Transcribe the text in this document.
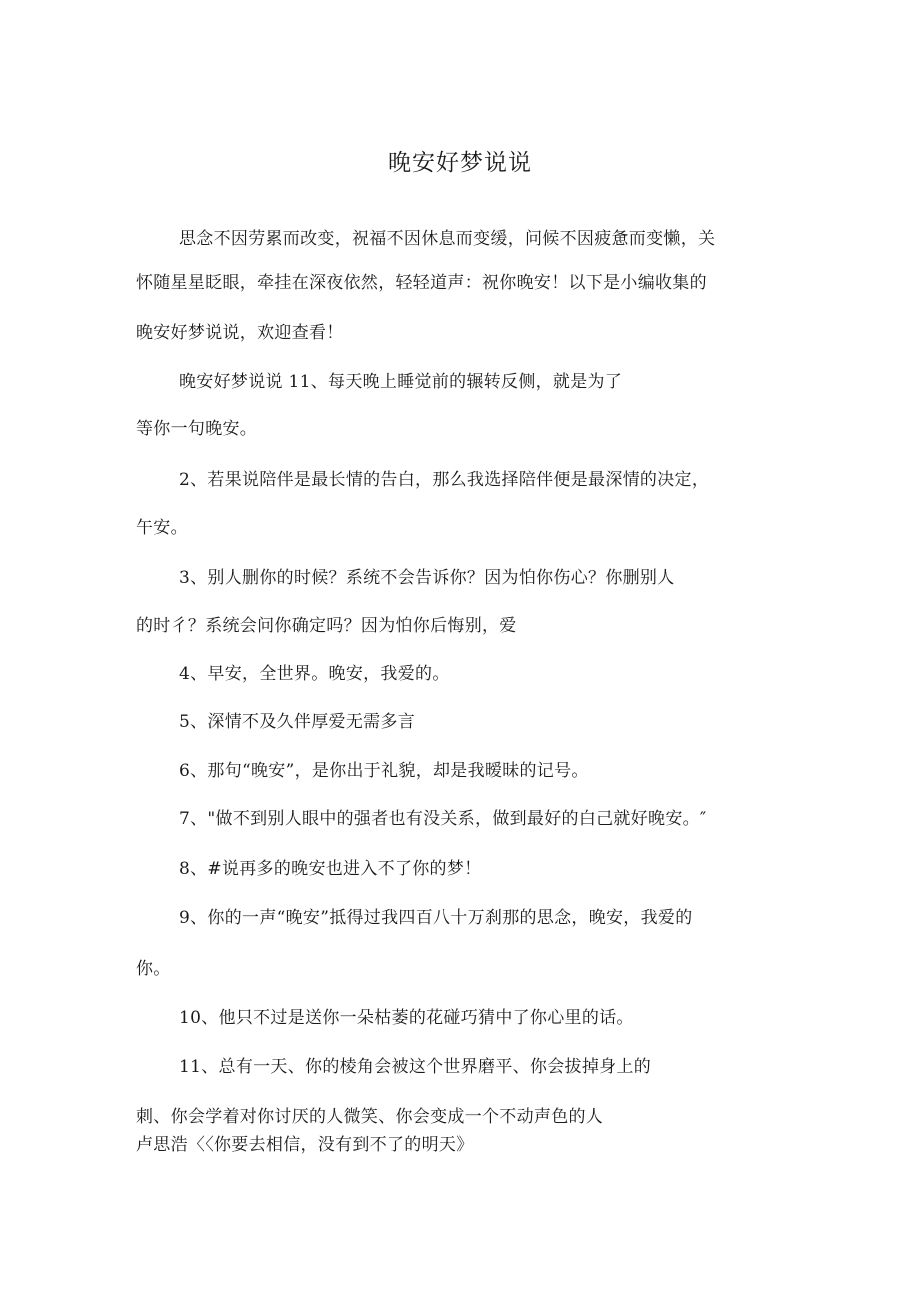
晚安好梦说说
思念不因劳累而改变，祝福不因休息而变缓，问候不因疲惫而变懒，关
怀随星星眨眼，牵挂在深夜依然，轻轻道声：祝你晚安！以下是小编收集的
晚安好梦说说，欢迎查看！
晚安好梦说说 11、每天晚上睡觉前的辗转反侧，就是为了
等你一句晚安。
2、若果说陪伴是最长情的告白，那么我选择陪伴便是最深情的决定，
午安。
3、别人删你的时候？系统不会告诉你？因为怕你伤心？你删别人
的时彳？系统会问你确定吗？因为怕你后悔别，爱
4、早安，全世界。晚安，我爱的。
5、深情不及久伴厚爱无需多言
6、那句“晚安”，是你出于礼貌，却是我暧昧的记号。
7、"做不到别人眼中的强者也有没关系，做到最好的白己就好晚安。″
8、#说再多的晚安也进入不了你的梦！
9、你的一声“晚安”抵得过我四百八十万刹那的思念，晚安，我爱的
你。
10、他只不过是送你一朵枯萎的花碰巧猜中了你心里的话。
11、总有一天、你的棱角会被这个世界磨平、你会拔掉身上的
刺、你会学着对你讨厌的人微笑、你会变成一个不动声色的人
卢思浩〈〈你要去相信，没有到不了的明天》
